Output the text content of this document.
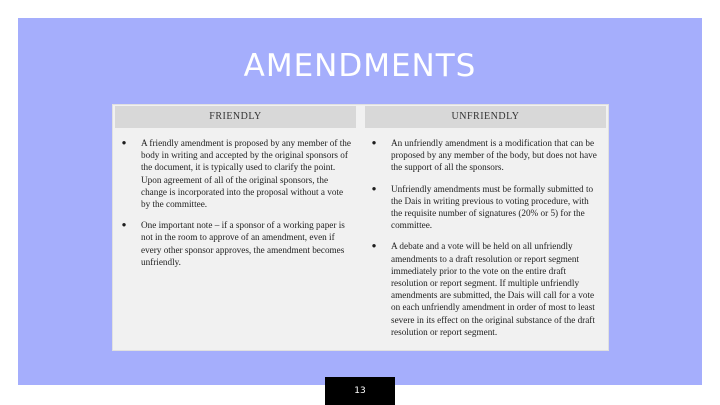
AMENDMENTS
FRIENDLY
● A friendly amendment is proposed by any member of the body in writing and accepted by the original sponsors of the document, it is typically used to clarify the point. Upon agreement of all of the original sponsors, the change is incorporated into the proposal without a vote by the committee.
● One important note – if a sponsor of a working paper is not in the room to approve of an amendment, even if every other sponsor approves, the amendment becomes unfriendly.
UNFRIENDLY
● An unfriendly amendment is a modification that can be proposed by any member of the body, but does not have the support of all the sponsors.
● Unfriendly amendments must be formally submitted to the Dais in writing previous to voting procedure, with the requisite number of signatures (20% or 5) for the committee.
● A debate and a vote will be held on all unfriendly amendments to a draft resolution or report segment immediately prior to the vote on the entire draft resolution or report segment. If multiple unfriendly amendments are submitted, the Dais will call for a vote on each unfriendly amendment in order of most to least severe in its effect on the original substance of the draft resolution or report segment.
13
